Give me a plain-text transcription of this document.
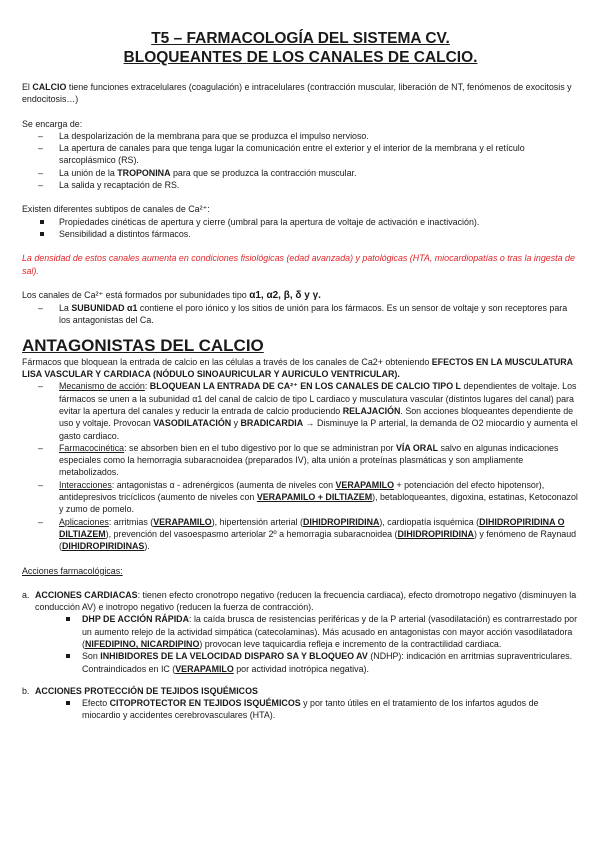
T5 – FARMACOLOGÍA DEL SISTEMA CV.

BLOQUEANTES DE LOS CANALES DE CALCIO.

El CALCIO tiene funciones extracelulares (coagulación) e intracelulares (contracción muscular, liberación de NT, fenómenos de exocitosis y endocitosis…)

Se encarga de:

– La despolarización de la membrana para que se produzca el impulso nervioso.
– La apertura de canales para que tenga lugar la comunicación entre el exterior y el interior de la membrana y el retículo sarcoplásmico (RS).
– La unión de la TROPONINA para que se produzca la contracción muscular.
– La salida y recaptación de RS.

Existen diferentes subtipos de canales de Ca²⁺:

Propiedades cinéticas de apertura y cierre (umbral para la apertura de voltaje de activación e inactivación).
Sensibilidad a distintos fármacos.

La densidad de estos canales aumenta en condiciones fisiológicas (edad avanzada) y patológicas (HTA, miocardiopatías o tras la ingesta de sal).

Los canales de Ca²⁺ está formados por subunidades tipo α1, α2, β, δ y γ.

– La SUBUNIDAD α1 contiene el poro iónico y los sitios de unión para los fármacos. Es un sensor de voltaje y son receptores para los antagonistas del Ca.

ANTAGONISTAS DEL CALCIO

Fármacos que bloquean la entrada de calcio en las células a través de los canales de Ca2+ obteniendo EFECTOS EN LA MUSCULATURA LISA VASCULAR Y CARDIACA (NÓDULO SINOAURICULAR Y AURICULO VENTRICULAR).

– Mecanismo de acción: BLOQUEAN LA ENTRADA DE CA²⁺ EN LOS CANALES DE CALCIO TIPO L dependientes de voltaje. Los fármacos se unen a la subunidad α1 del canal de calcio de tipo L cardiaco y musculatura vascular (distintos lugares del canal) para evitar la apertura del canales y reducir la entrada de calcio produciendo RELAJACIÓN. Son acciones bloqueantes dependiente de uso y voltaje. Provocan VASODILATACIÓN y BRADICARDIA → Disminuye la P arterial, la demanda de O2 miocardio y aumenta el gasto cardiaco.
– Farmacocinética: se absorben bien en el tubo digestivo por lo que se administran por VÍA ORAL salvo en algunas indicaciones especiales como la hemorragia subaracnoidea (preparados IV), alta unión a proteínas plasmáticas y son ampliamente metabolizados.
– Interacciones: antagonistas α - adrenérgicos (aumenta de niveles con VERAPAMILO + potenciación del efecto hipotensor), antidepresivos tricíclicos (aumento de niveles con VERAPAMILO + DILTIAZEM), betabloqueantes, digoxina, estatinas, Ketoconazol y zumo de pomelo.
– Aplicaciones: arritmias (VERAPAMILO), hipertensión arterial (DIHIDROPIRIDINA), cardiopatía isquémica (DIHIDROPIRIDINA O DILTIAZEM), prevención del vasoespasmo arteriolar 2º a hemorragia subaracnoidea (DIHIDROPIRIDINA) y fenómeno de Raynaud (DIHIDROPIRIDINAS).

Acciones farmacológicas:

a. ACCIONES CARDIACAS: tienen efecto cronotropo negativo (reducen la frecuencia cardiaca), efecto dromotropo negativo (disminuyen la conducción AV) e inotropo negativo (reducen la fuerza de contracción).

DHP DE ACCIÓN RÁPIDA: la caída brusca de resistencias periféricas y de la P arterial (vasodilatación) es contrarrestado por un aumento relejo de la actividad simpática (catecolaminas). Más acusado en antagonistas con mayor acción vasodilatadora (NIFEDIPINO, NICARDIPINO) provocan leve taquicardia refleja e incremento de la contractilidad cardiaca.
Son INHIBIDORES DE LA VELOCIDAD DISPARO SA Y BLOQUEO AV (NDHP): indicación en arritmias supraventriculares. Contraindicados en IC (VERAPAMILO por actividad inotrópica negativa).

b. ACCIONES PROTECCIÓN DE TEJIDOS ISQUÉMICOS

Efecto CITOPROTECTOR EN TEJIDOS ISQUÉMICOS y por tanto útiles en el tratamiento de los infartos agudos de miocardio y accidentes cerebrovasculares (HTA).
